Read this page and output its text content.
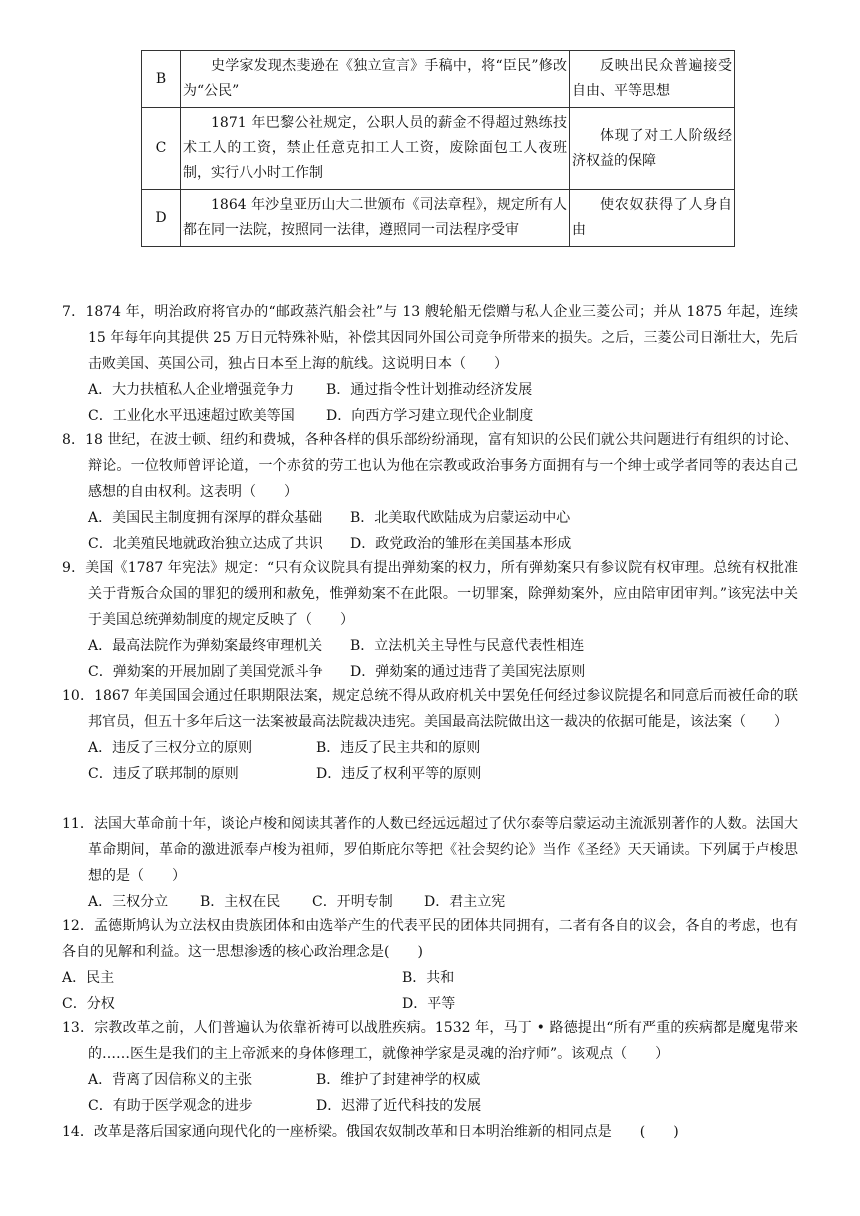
B	史学家发现杰斐逊在《独立宣言》手稿中，将“臣民”修改为“公民”	反映出民众普遍接受自由、平等思想
C	1871 年巴黎公社规定，公职人员的薪金不得超过熟练技术工人的工资，禁止任意克扣工人工资，废除面包工人夜班制，实行八小时工作制	体现了对工人阶级经济权益的保障
D	1864 年沙皇亚历山大二世颁布《司法章程》，规定所有人都在同一法院，按照同一法律，遵照同一司法程序受审	使农奴获得了人身自由
7．1874 年，明治政府将官办的“邮政蒸汽船会社”与 13 艘轮船无偿赠与私人企业三菱公司；并从 1875 年起，连续 15 年每年向其提供 25 万日元特殊补贴，补偿其因同外国公司竞争所带来的损失。之后，三菱公司日渐壮大，先后击败美国、英国公司，独占日本至上海的航线。这说明日本（　　）
A．大力扶植私人企业增强竞争力	B．通过指令性计划推动经济发展
C．工业化水平迅速超过欧美等国	D．向西方学习建立现代企业制度
8．18 世纪，在波士顿、纽约和费城，各种各样的俱乐部纷纷涌现，富有知识的公民们就公共问题进行有组织的讨论、辩论。一位牧师曾评论道，一个赤贫的劳工也认为他在宗教或政治事务方面拥有与一个绅士或学者同等的表达自己感想的自由权利。这表明（　　）
A．美国民主制度拥有深厚的群众基础	B．北美取代欧陆成为启蒙运动中心
C．北美殖民地就政治独立达成了共识	D．政党政治的雏形在美国基本形成
9．美国《1787 年宪法》规定：“只有众议院具有提出弹劾案的权力，所有弹劾案只有参议院有权审理。总统有权批准关于背叛合众国的罪犯的缓刑和赦免，惟弹劾案不在此限。一切罪案，除弹劾案外，应由陪审团审判。”该宪法中关于美国总统弹劾制度的规定反映了（　　）
A．最高法院作为弹劾案最终审理机关	B．立法机关主导性与民意代表性相连
C．弹劾案的开展加剧了美国党派斗争	D．弹劾案的通过违背了美国宪法原则
10．1867 年美国国会通过任职期限法案，规定总统不得从政府机关中罢免任何经过参议院提名和同意后而被任命的联邦官员，但五十多年后这一法案被最高法院裁决违宪。美国最高法院做出这一裁决的依据可能是，该法案（　　）
A．违反了三权分立的原则	B．违反了民主共和的原则
C．违反了联邦制的原则	D．违反了权利平等的原则
11．法国大革命前十年，谈论卢梭和阅读其著作的人数已经远远超过了伏尔泰等启蒙运动主流派别著作的人数。法国大革命期间，革命的激进派奉卢梭为祖师，罗伯斯庇尔等把《社会契约论》当作《圣经》天天诵读。下列属于卢梭思想的是（　　）
A．三权分立	B．主权在民	C．开明专制	D．君主立宪
12．孟德斯鸠认为立法权由贵族团体和由选举产生的代表平民的团体共同拥有，二者有各自的议会，各自的考虑，也有各自的见解和利益。这一思想渗透的核心政治理念是(　　)
A．民主	B．共和
C．分权	D．平等
13．宗教改革之前，人们普遍认为依靠祈祷可以战胜疾病。1532 年，马丁 • 路德提出“所有严重的疾病都是魔鬼带来的……医生是我们的主上帝派来的身体修理工，就像神学家是灵魂的治疗师”。该观点（　　）
A．背离了因信称义的主张	B．维护了封建神学的权威
C．有助于医学观念的进步	D．迟滞了近代科技的发展
14．改革是落后国家通向现代化的一座桥梁。俄国农奴制改革和日本明治维新的相同点是　　(　　)
